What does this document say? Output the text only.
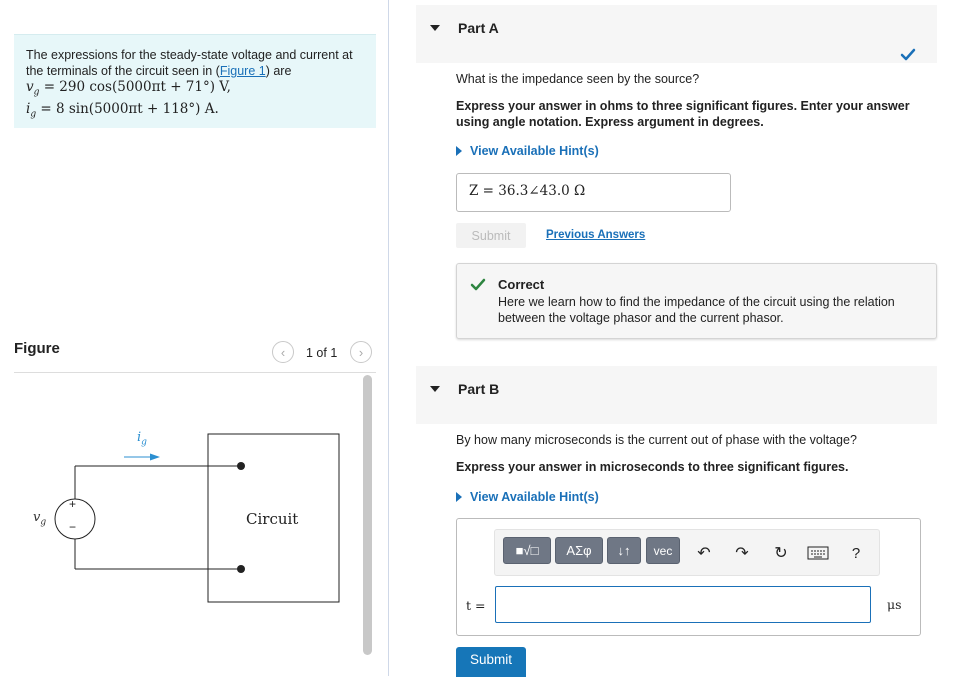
The expressions for the steady-state voltage and current at the terminals of the circuit seen in (Figure 1) are
$v_g = 290$ cos(5000πt + 71°) V,
$i_g = 8$ sin(5000πt + 118°) A.
Figure	‹ 1 of 1 ›
+
−
$v_g$
$i_g$
Circuit
Part A
What is the impedance seen by the source?
Express your answer in ohms to three significant figures. Enter your answer using angle notation. Express argument in degrees.
View Available Hint(s)
Z = 36.3∠43.0 Ω
Submit	Previous Answers
Correct
Here we learn how to find the impedance of the circuit using the relation between the voltage phasor and the current phasor.
Part B
By how many microseconds is the current out of phase with the voltage?
Express your answer in microseconds to three significant figures.
View Available Hint(s)
■√□	AΣφ	↓↑	vec	↶ ↷ ↻	?
t =	μs
Submit
